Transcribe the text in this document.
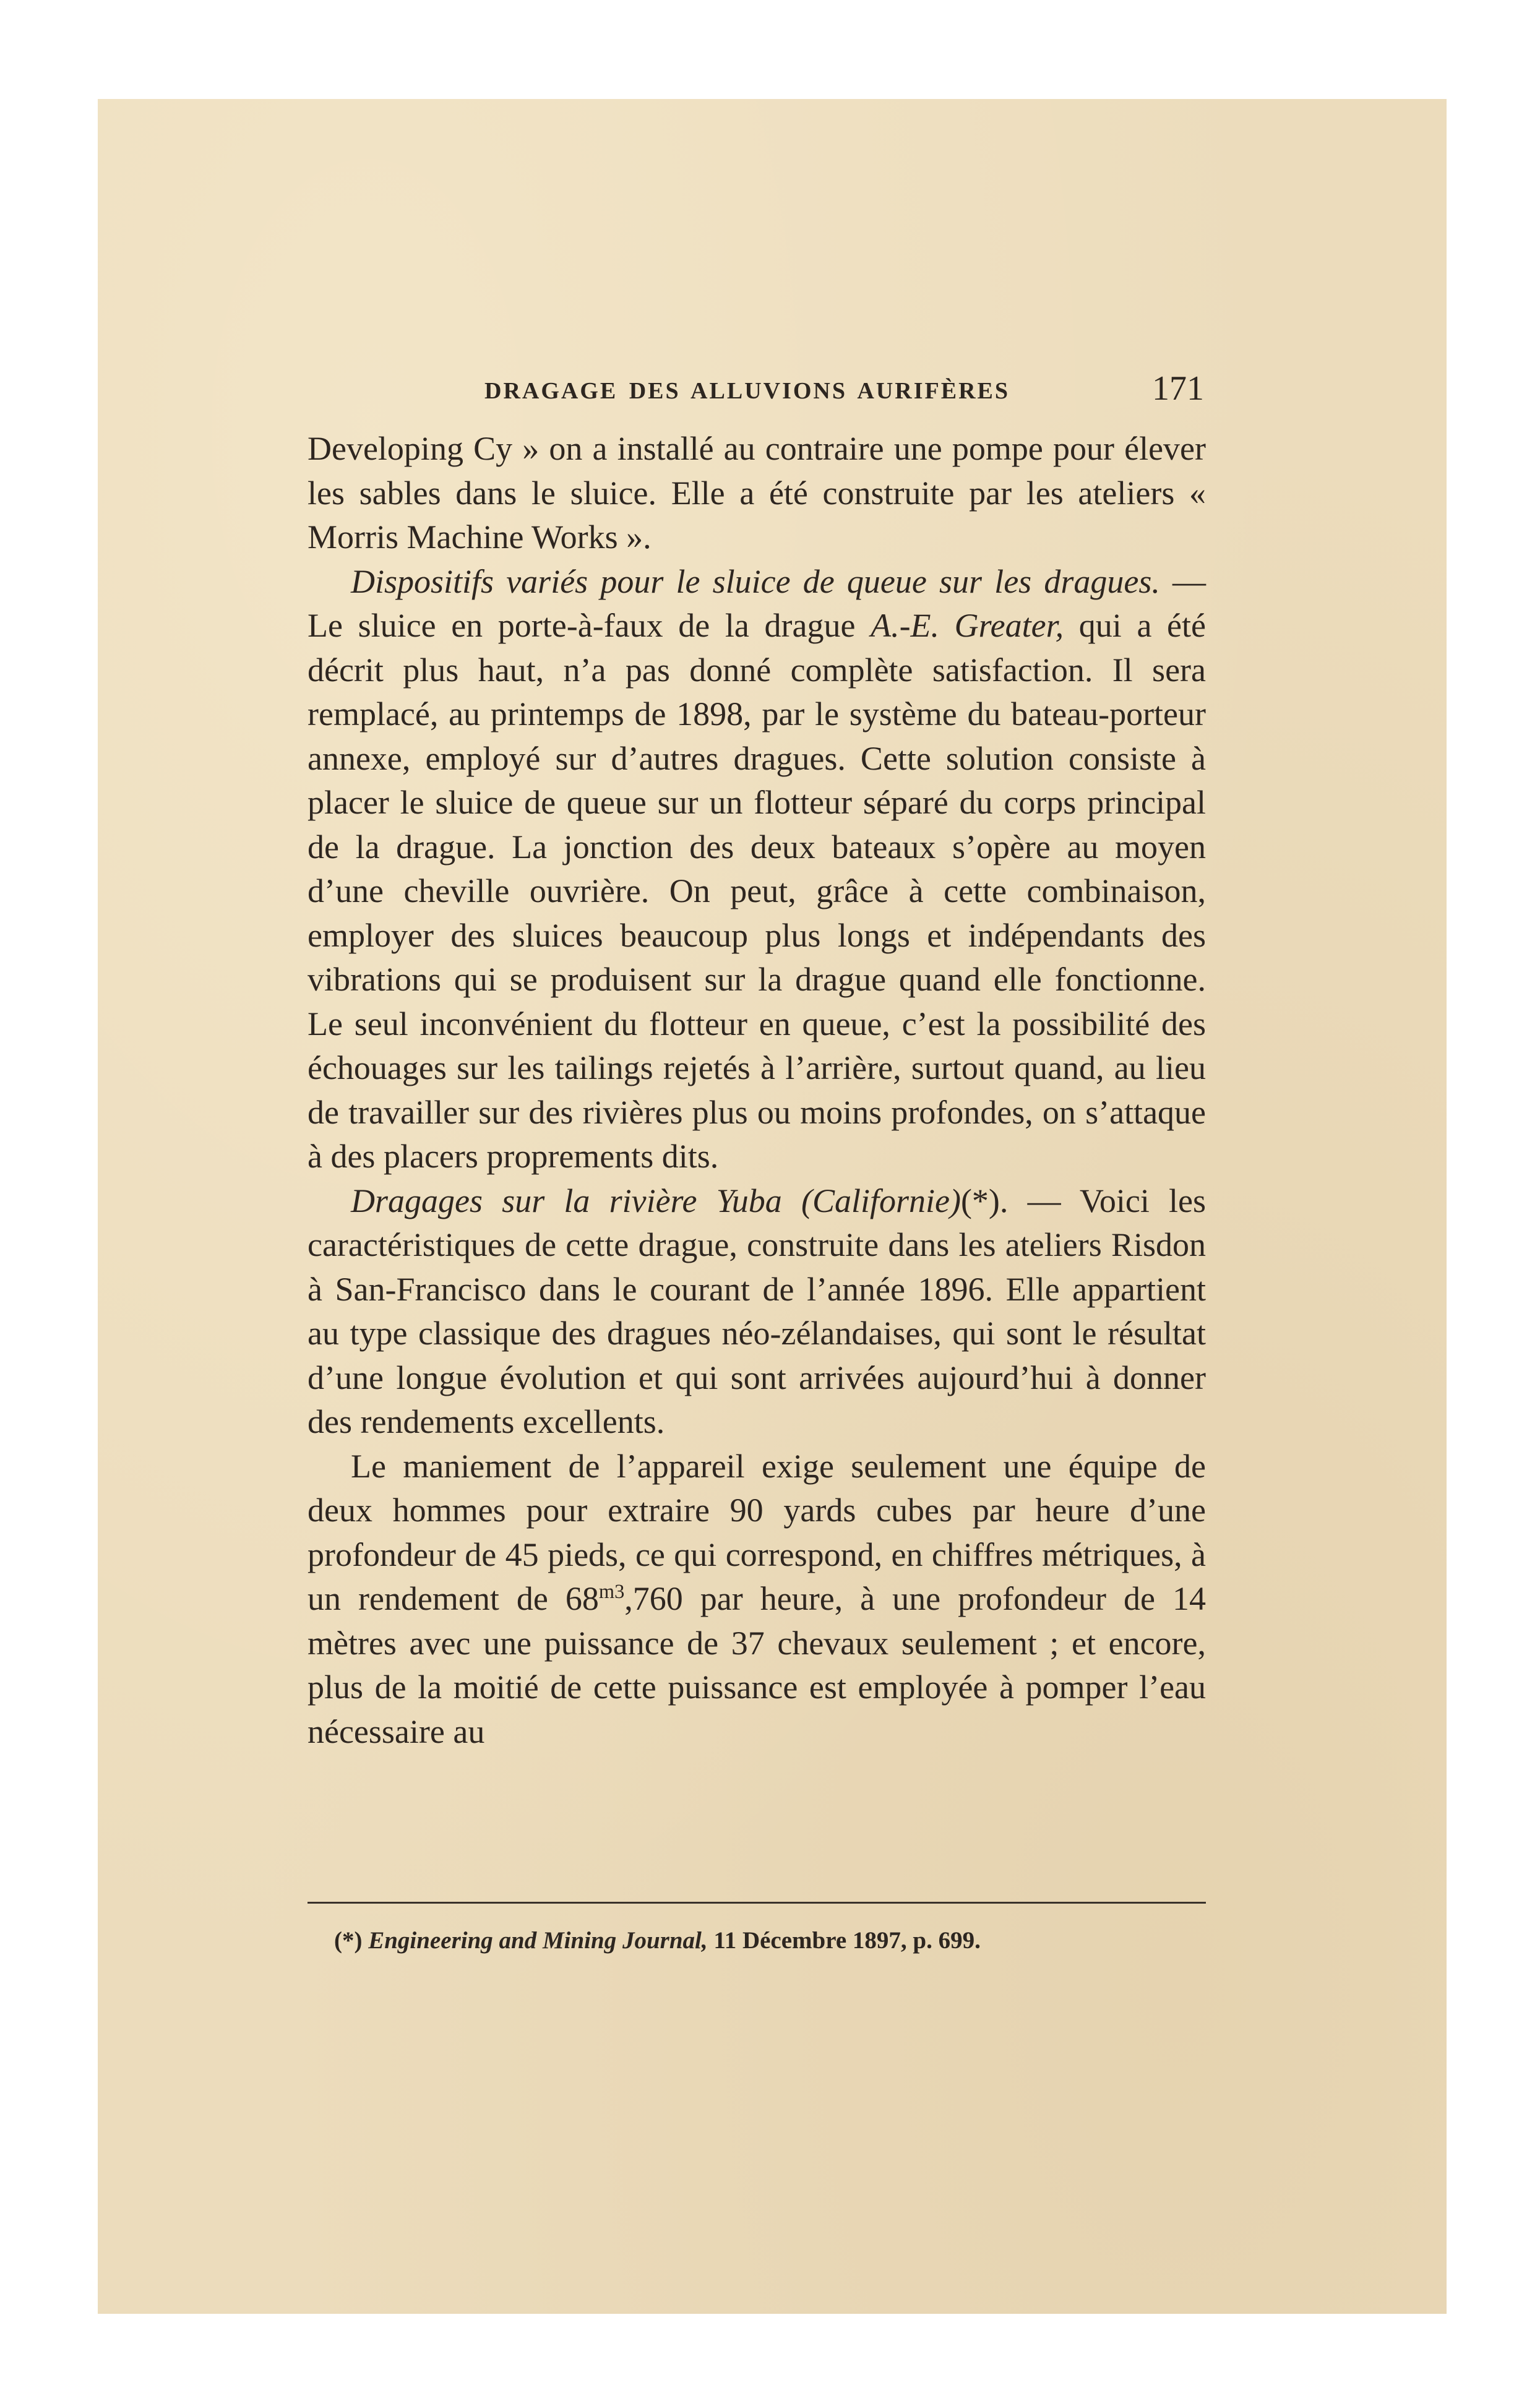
DRAGAGE DES ALLUVIONS AURIFÈRES	171

Developing Cy » on a installé au contraire une pompe pour élever les sables dans le sluice. Elle a été construite par les ateliers « Morris Machine Works ».

Dispositifs variés pour le sluice de queue sur les dragues. — Le sluice en porte-à-faux de la drague A.-E. Greater, qui a été décrit plus haut, n’a pas donné complète satisfaction. Il sera remplacé, au printemps de 1898, par le système du bateau-porteur annexe, employé sur d’autres dragues. Cette solution consiste à placer le sluice de queue sur un flotteur séparé du corps principal de la drague. La jonction des deux bateaux s’opère au moyen d’une cheville ouvrière. On peut, grâce à cette combinaison, employer des sluices beaucoup plus longs et indépendants des vibrations qui se produisent sur la drague quand elle fonctionne. Le seul inconvénient du flotteur en queue, c’est la possibilité des échouages sur les tailings rejetés à l’arrière, surtout quand, au lieu de travailler sur des rivières plus ou moins profondes, on s’attaque à des placers proprements dits.

Dragages sur la rivière Yuba (Californie)(*). — Voici les caractéristiques de cette drague, construite dans les ateliers Risdon à San-Francisco dans le courant de l’année 1896. Elle appartient au type classique des dragues néo-zélandaises, qui sont le résultat d’une longue évolution et qui sont arrivées aujourd’hui à donner des rendements excellents.

Le maniement de l’appareil exige seulement une équipe de deux hommes pour extraire 90 yards cubes par heure d’une profondeur de 45 pieds, ce qui correspond, en chiffres métriques, à un rendement de $68^{m3},760$ par heure, à une profondeur de 14 mètres avec une puissance de 37 chevaux seulement ; et encore, plus de la moitié de cette puissance est employée à pomper l’eau nécessaire au

(*) Engineering and Mining Journal, 11 Décembre 1897, p. 699.
